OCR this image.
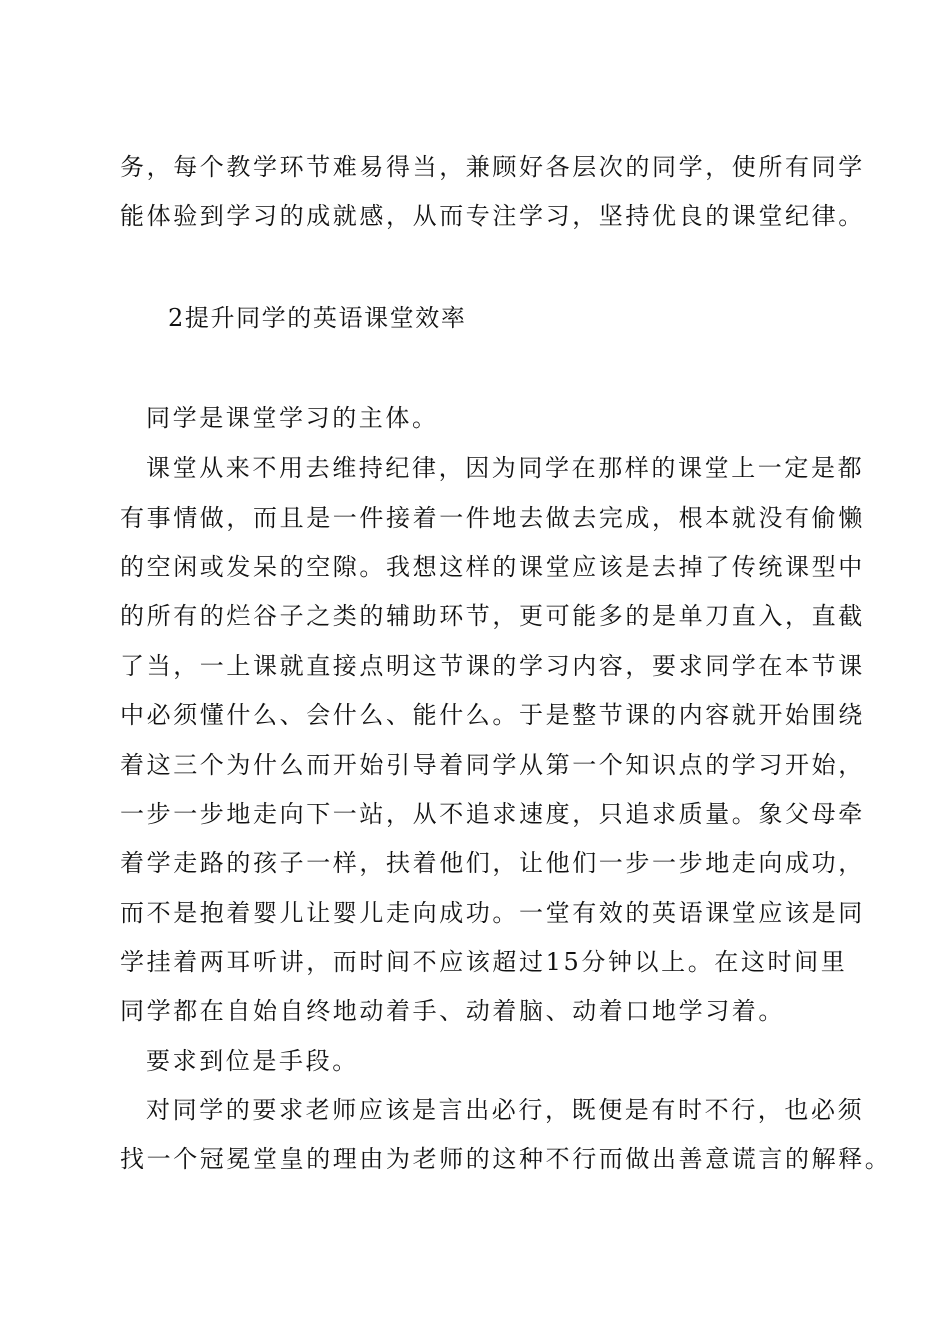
务，每个教学环节难易得当，兼顾好各层次的同学，使所有同学
能体验到学习的成就感，从而专注学习，坚持优良的课堂纪律。
2提升同学的英语课堂效率
同学是课堂学习的主体。
课堂从来不用去维持纪律，因为同学在那样的课堂上一定是都
有事情做，而且是一件接着一件地去做去完成，根本就没有偷懒
的空闲或发呆的空隙。我想这样的课堂应该是去掉了传统课型中
的所有的烂谷子之类的辅助环节，更可能多的是单刀直入，直截
了当，一上课就直接点明这节课的学习内容，要求同学在本节课
中必须懂什么、会什么、能什么。于是整节课的内容就开始围绕
着这三个为什么而开始引导着同学从第一个知识点的学习开始，
一步一步地走向下一站，从不追求速度，只追求质量。象父母牵
着学走路的孩子一样，扶着他们，让他们一步一步地走向成功，
而不是抱着婴儿让婴儿走向成功。一堂有效的英语课堂应该是同
学挂着两耳听讲，而时间不应该超过15分钟以上。在这时间里
同学都在自始自终地动着手、动着脑、动着口地学习着。
要求到位是手段。
对同学的要求老师应该是言出必行，既便是有时不行，也必须
找一个冠冕堂皇的理由为老师的这种不行而做出善意谎言的解释。
